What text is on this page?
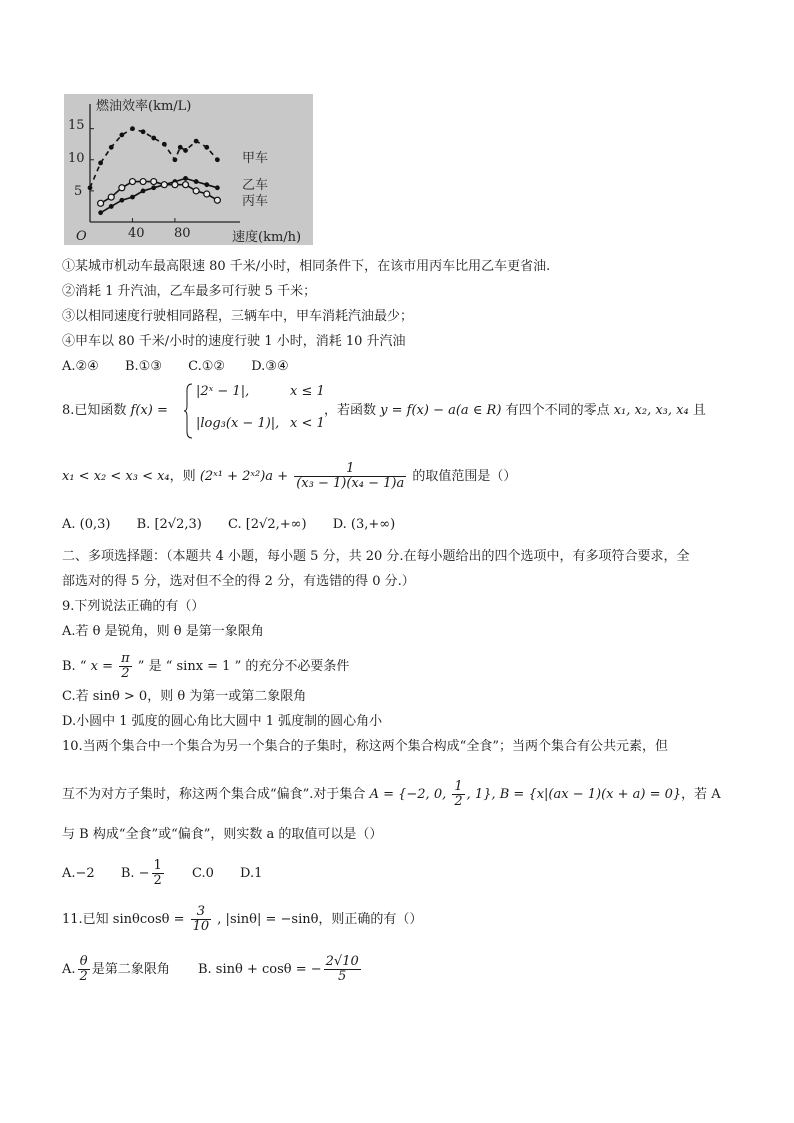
燃油效率(km/L)
速度(km/h)
O
5
10
15
40 80
甲车
乙车
丙车
①某城市机动车最高限速 80 千米/小时，相同条件下，在该市用丙车比用乙车更省油.
②消耗 1 升汽油，乙车最多可行驶 5 千米；
③以相同速度行驶相同路程，三辆车中，甲车消耗汽油最少；
④甲车以 80 千米/小时的速度行驶 1 小时，消耗 10 升汽油
A.②④ B.①③ C.①② D.③④
8.已知函数 f(x) =
|2ˣ − 1|,	x ≤ 1
|log₃(x − 1)|, x < 1
，若函数 y = f(x) − a(a ∈ R) 有四个不同的零点 x₁, x₂, x₃, x₄ 且
x₁ < x₂ < x₃ < x₄，则 (2ˣ¹ + 2ˣ²)a + $\frac{1}{\text{(x₃ − 1)(x₄ − 1)a}}$ 的取值范围是（）
A. (0,3) B. [2√2,3) C. [2√2,+∞) D. (3,+∞)
二、多项选择题：（本题共 4 小题，每小题 5 分，共 20 分.在每小题给出的四个选项中，有多项符合要求，全
部选对的得 5 分，选对但不全的得 2 分，有选错的得 0 分.）
9.下列说法正确的有（）
A.若 θ 是锐角，则 θ 是第一象限角
B. “ $x = \frac{\pi}{2}$ ” 是 “ sinx = 1 ” 的充分不必要条件
C.若 sinθ > 0，则 θ 为第一或第二象限角
D.小圆中 1 弧度的圆心角比大圆中 1 弧度制的圆心角小
10.当两个集合中一个集合为另一个集合的子集时，称这两个集合构成“全食”；当两个集合有公共元素，但
互不为对方子集时，称这两个集合成“偏食”.对于集合 A = {−2, 0, $\frac{1}{2}$ , 1}, B = {x|(ax − 1)(x + a) = 0}，若 A
与 B 构成“全食”或“偏食”，则实数 a 的取值可以是（）
A.−2 B. − $\frac{1}{2} C.0$ D.1
11.已知 $\sin\theta\cos\theta = \frac{3}{10}$ , |sinθ| = −sinθ，则正确的有（）
A. $\frac{\theta}{2}$ 是第二象限角 B. sinθ + cosθ = − $\frac{2√10}{5}$
